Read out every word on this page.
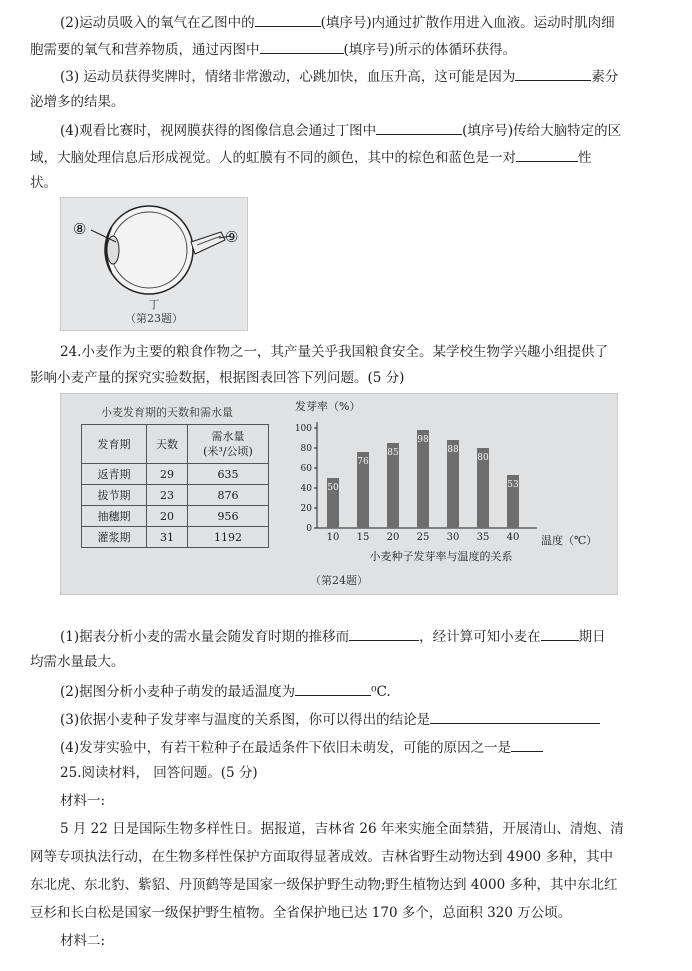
(2)运动员吸入的氧气在乙图中的	(填序号)内通过扩散作用进入血液。运动时肌肉细
胞需要的氧气和营养物质，通过丙图中	(填序号)所示的体循环获得。
(3) 运动员获得奖牌时，情绪非常激动，心跳加快，血压升高，这可能是因为	素分
泌增多的结果。
(4)观看比赛时，视网膜获得的图像信息会通过丁图中	(填序号)传给大脑特定的区
域，大脑处理信息后形成视觉。人的虹膜有不同的颜色，其中的棕色和蓝色是一对	性
状。
⑧	⑨
丁
（第23题）
24.小麦作为主要的粮食作物之一，其产量关乎我国粮食安全。某学校生物学兴趣小组提供了
影响小麦产量的探究实验数据，根据图表回答下列问题。(5 分)
小麦发育期的天数和需水量
发育期	天数	需水量
(米³/公顷)

返青期	29	635
拔节期	23	876
抽穗期	20	956
灌浆期	31	1192
发芽率（%）
0
20
40
60
80
100
50
76
85
98
88
80
53
10 15 20 25 30 35 40 温度（℃）
小麦种子发芽率与温度的关系
（第24题）
(1)据表分析小麦的需水量会随发育时期的推移而	，经计算可知小麦在	期日
均需水量最大。
(2)据图分析小麦种子萌发的最适温度为	⁰C.
(3)依据小麦种子发芽率与温度的关系图，你可以得出的结论是
(4)发芽实验中，有若干粒种子在最适条件下依旧未萌发，可能的原因之一是
25.阅读材料， 回答问题。(5 分)
材料一:
5 月 22 日是国际生物多样性日。据报道，吉林省 26 年来实施全面禁猎，开展清山、清炮、清
网等专项执法行动，在生物多样性保护方面取得显著成效。吉林省野生动物达到 4900 多种，其中
东北虎、东北豹、紫貂、丹顶鹤等是国家一级保护野生动物;野生植物达到 4000 多种，其中东北红
豆杉和长白松是国家一级保护野生植物。全省保护地已达 170 多个，总面积 320 万公顷。
材料二:
